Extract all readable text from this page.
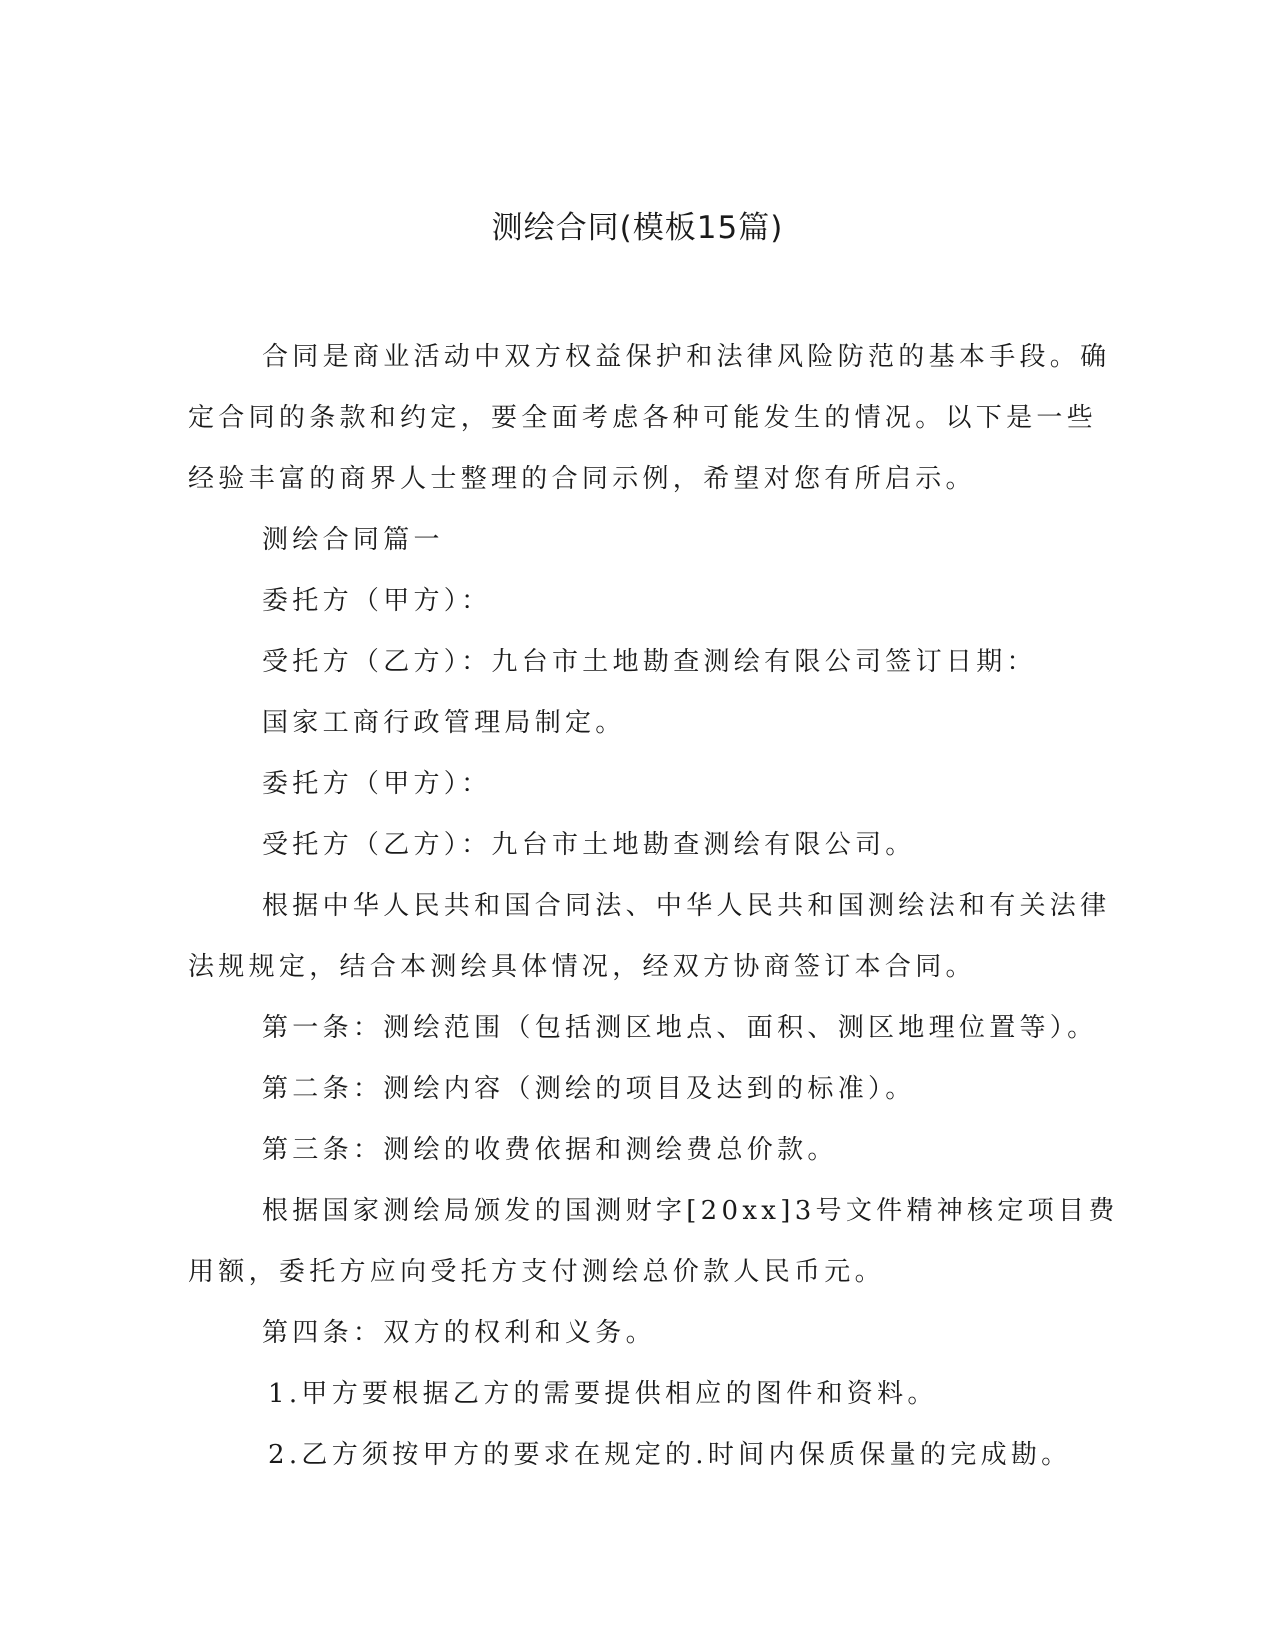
测绘合同(模板15篇)

合同是商业活动中双方权益保护和法律风险防范的基本手段。确

定合同的条款和约定，要全面考虑各种可能发生的情况。以下是一些

经验丰富的商界人士整理的合同示例，希望对您有所启示。

测绘合同篇一

委托方（甲方）：

受托方（乙方）：九台市土地勘查测绘有限公司签订日期：

国家工商行政管理局制定。

委托方（甲方）：

受托方（乙方）：九台市土地勘查测绘有限公司。

根据中华人民共和国合同法、中华人民共和国测绘法和有关法律

法规规定，结合本测绘具体情况，经双方协商签订本合同。

第一条：测绘范围（包括测区地点、面积、测区地理位置等）。

第二条：测绘内容（测绘的项目及达到的标准）。

第三条：测绘的收费依据和测绘费总价款。

根据国家测绘局颁发的国测财字[20xx]3号文件精神核定项目费

用额，委托方应向受托方支付测绘总价款人民币元。

第四条：双方的权利和义务。

1.甲方要根据乙方的需要提供相应的图件和资料。

2.乙方须按甲方的要求在规定的.时间内保质保量的完成勘。
